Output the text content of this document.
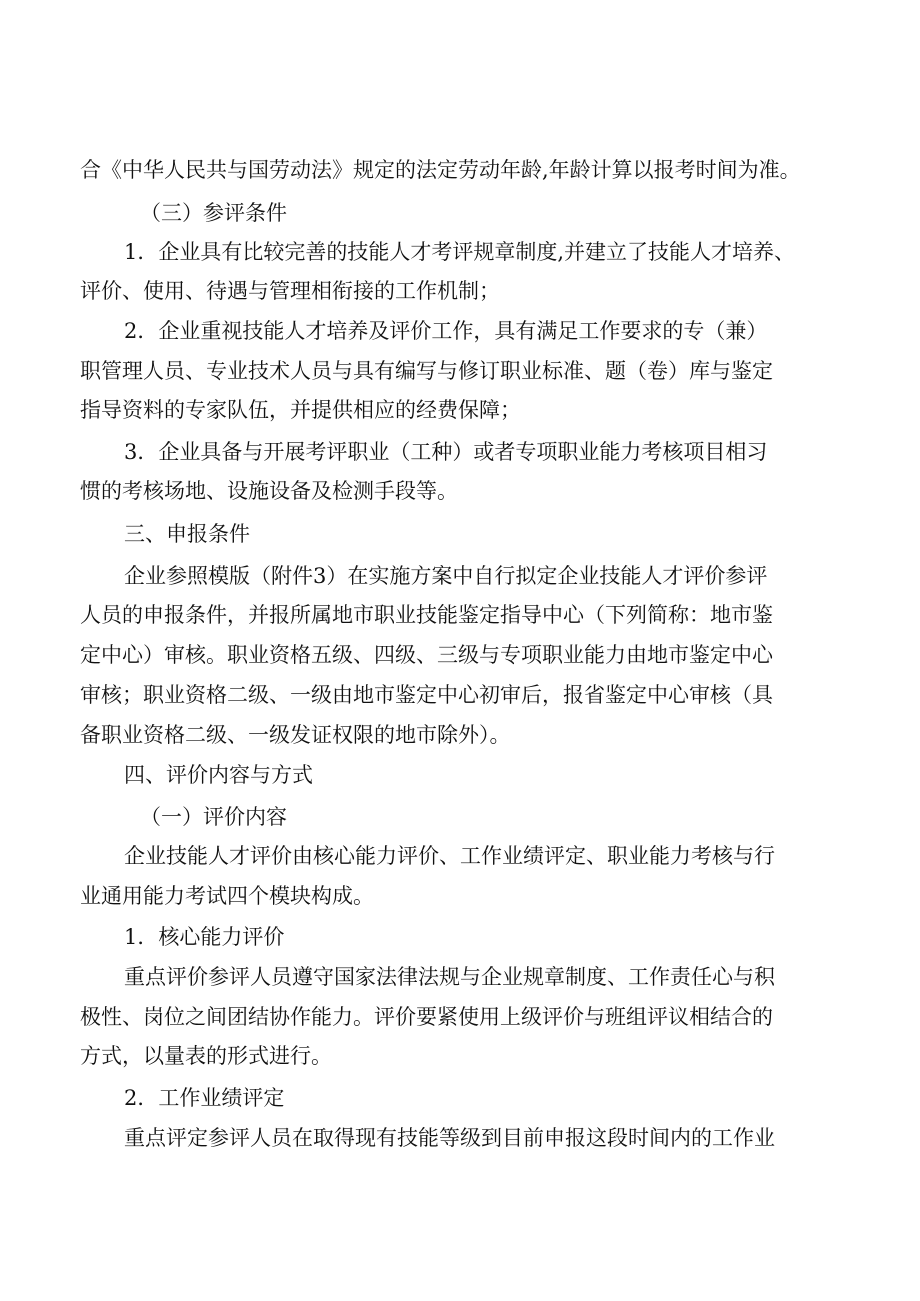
合《中华人民共与国劳动法》规定的法定劳动年龄,年龄计算以报考时间为准。
（三）参评条件
1．企业具有比较完善的技能人才考评规章制度,并建立了技能人才培养、
评价、使用、待遇与管理相衔接的工作机制；
2．企业重视技能人才培养及评价工作，具有满足工作要求的专（兼）
职管理人员、专业技术人员与具有编写与修订职业标准、题（卷）库与鉴定
指导资料的专家队伍，并提供相应的经费保障；
3．企业具备与开展考评职业（工种）或者专项职业能力考核项目相习
惯的考核场地、设施设备及检测手段等。
三、申报条件
企业参照模版（附件3）在实施方案中自行拟定企业技能人才评价参评
人员的申报条件，并报所属地市职业技能鉴定指导中心（下列简称：地市鉴
定中心）审核。职业资格五级、四级、三级与专项职业能力由地市鉴定中心
审核；职业资格二级、一级由地市鉴定中心初审后，报省鉴定中心审核（具
备职业资格二级、一级发证权限的地市除外）。
四、评价内容与方式
（一）评价内容
企业技能人才评价由核心能力评价、工作业绩评定、职业能力考核与行
业通用能力考试四个模块构成。
1．核心能力评价
重点评价参评人员遵守国家法律法规与企业规章制度、工作责任心与积
极性、岗位之间团结协作能力。评价要紧使用上级评价与班组评议相结合的
方式，以量表的形式进行。
2．工作业绩评定
重点评定参评人员在取得现有技能等级到目前申报这段时间内的工作业
